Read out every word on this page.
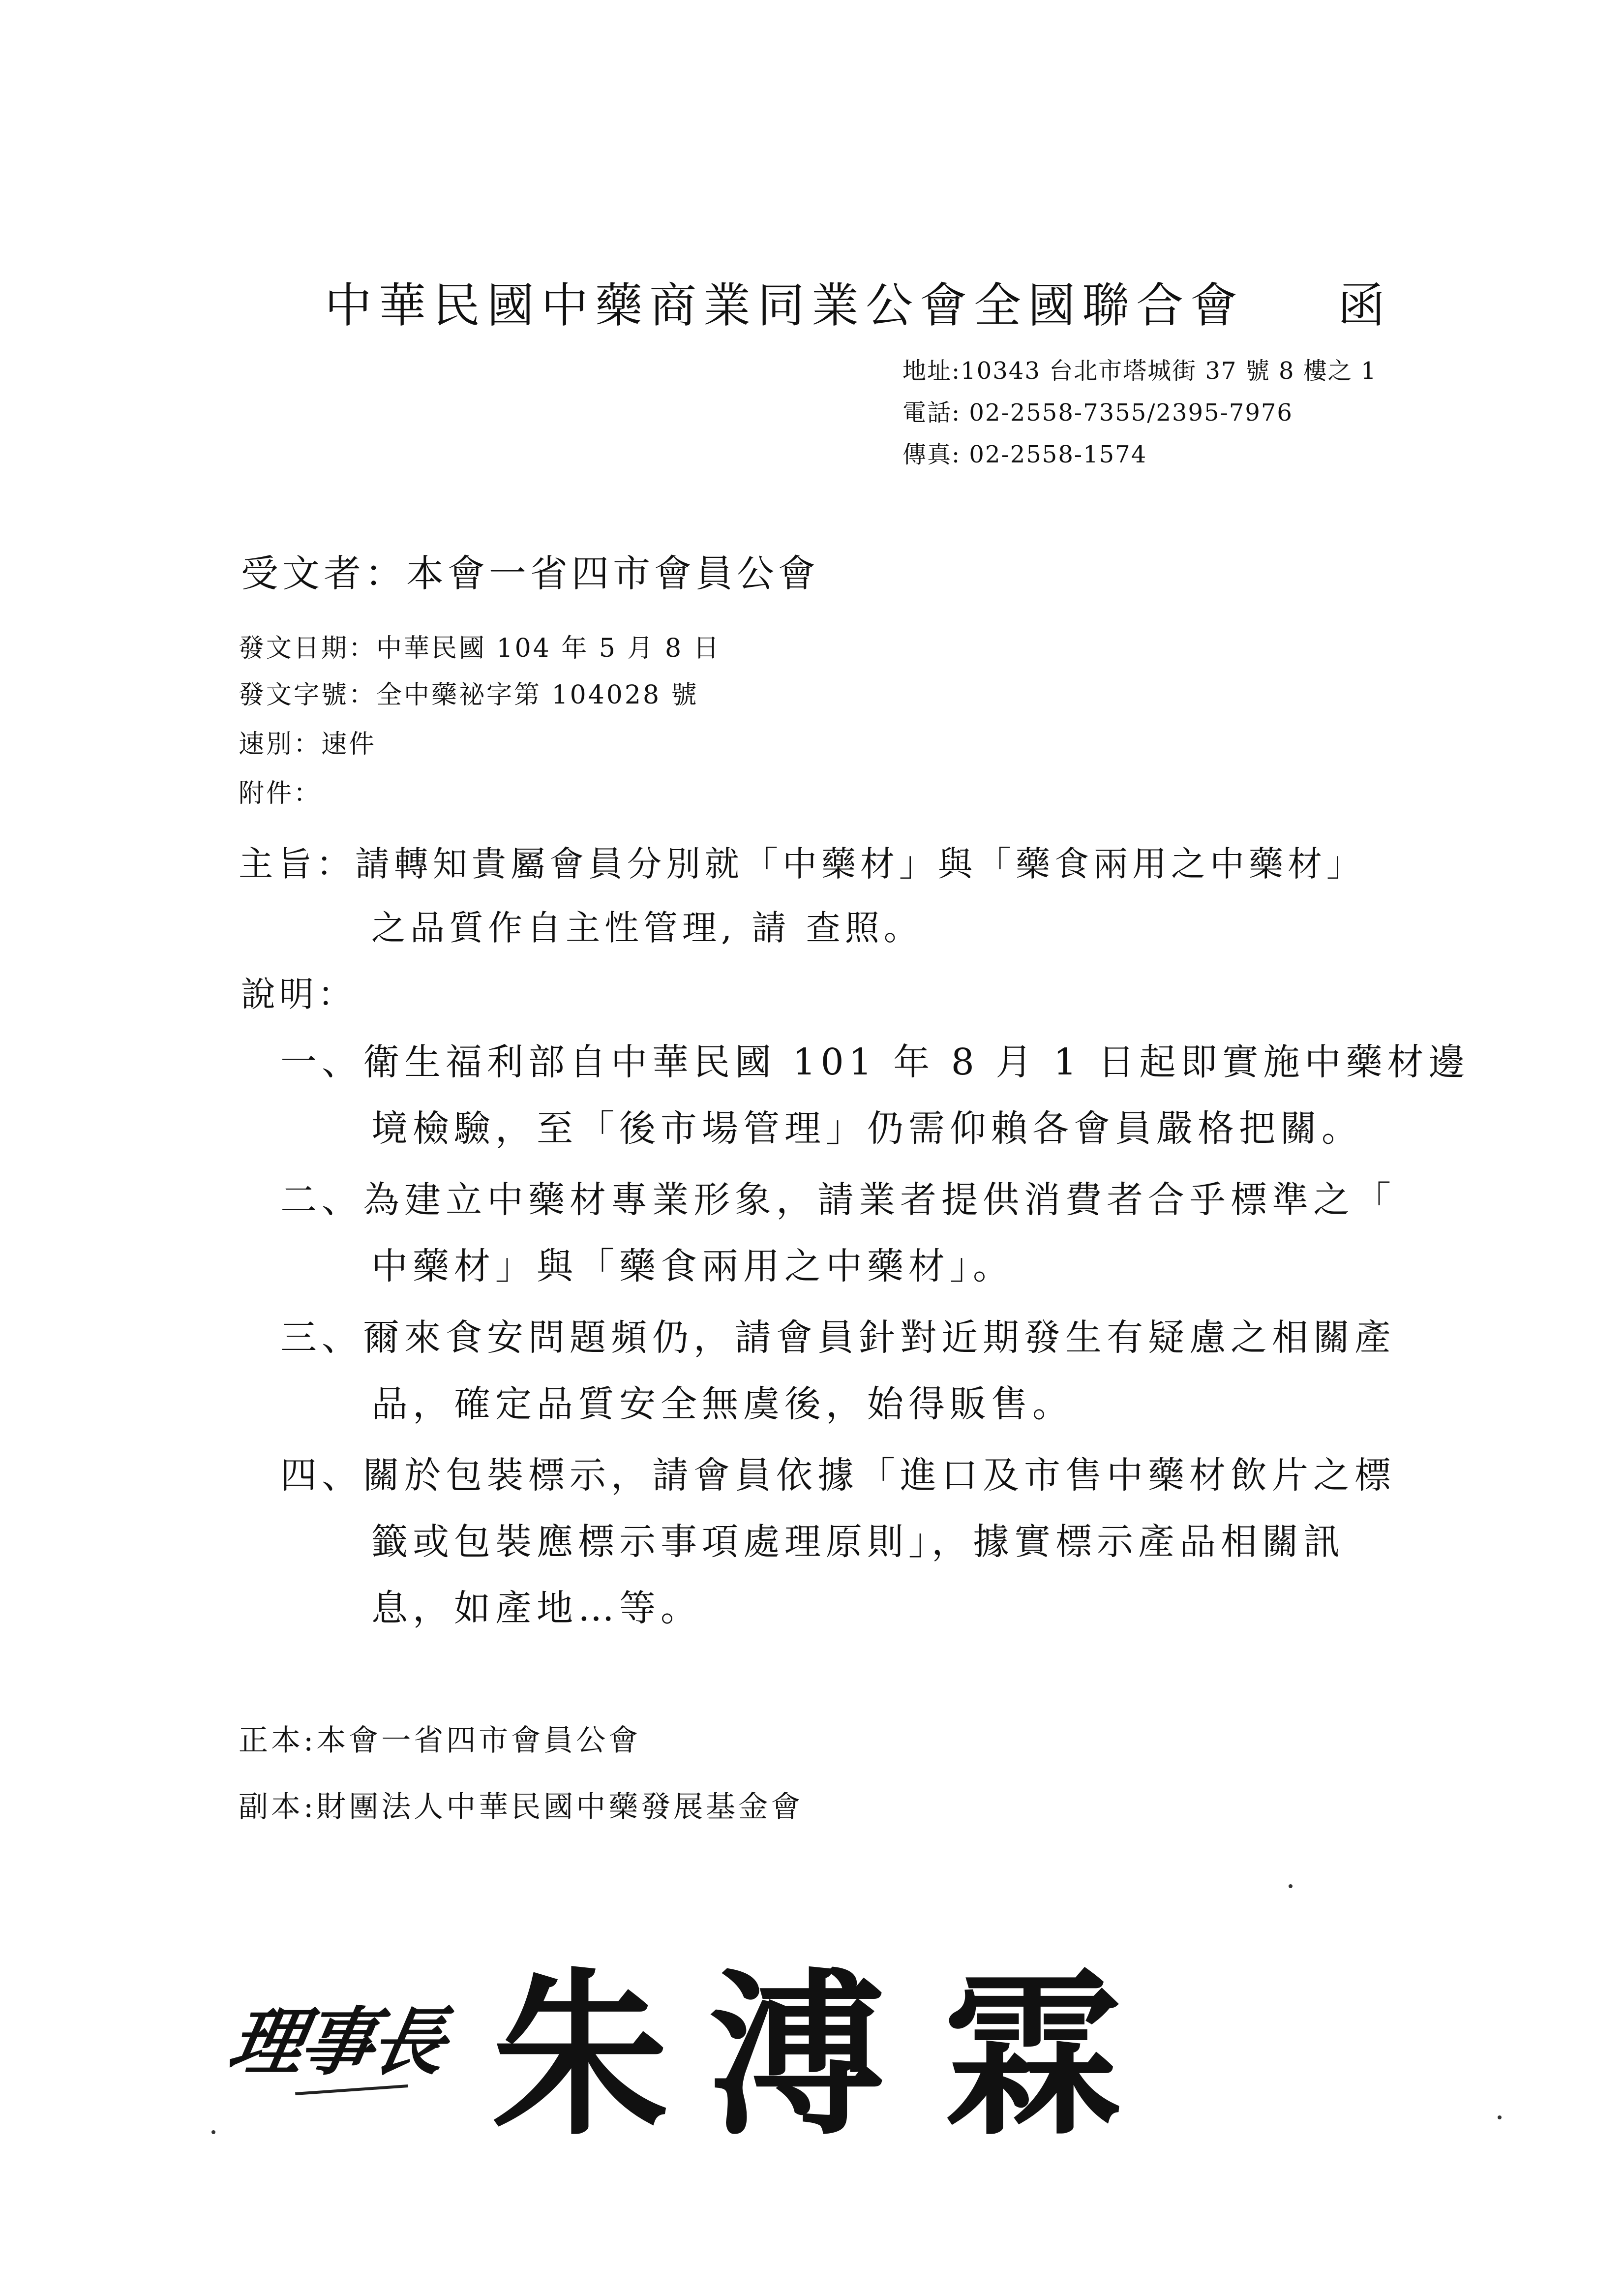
中華民國中藥商業同業公會全國聯合會 函
地址:10343 台北市塔城街 37 號 8 樓之 1
電話: 02-2558-7355/2395-7976
傳真: 02-2558-1574
受文者：本會一省四市會員公會
發文日期：中華民國 104 年 5 月 8 日
發文字號：全中藥祕字第 104028 號
速別：速件
附件：
主旨：請轉知貴屬會員分別就「中藥材」與「藥食兩用之中藥材」
之品質作自主性管理, 請 查照。
說明：
一、衛生福利部自中華民國 101 年 8 月 1 日起即實施中藥材邊
境檢驗，至「後市場管理」仍需仰賴各會員嚴格把關。
二、為建立中藥材專業形象，請業者提供消費者合乎標準之「
中藥材」與「藥食兩用之中藥材」。
三、爾來食安問題頻仍，請會員針對近期發生有疑慮之相關產
品，確定品質安全無虞後，始得販售。
四、關於包裝標示，請會員依據「進口及市售中藥材飲片之標
籤或包裝應標示事項處理原則」，據實標示產品相關訊
息，如產地…等。
正本:本會一省四市會員公會
副本:財團法人中華民國中藥發展基金會
理事長 朱 溥 霖
